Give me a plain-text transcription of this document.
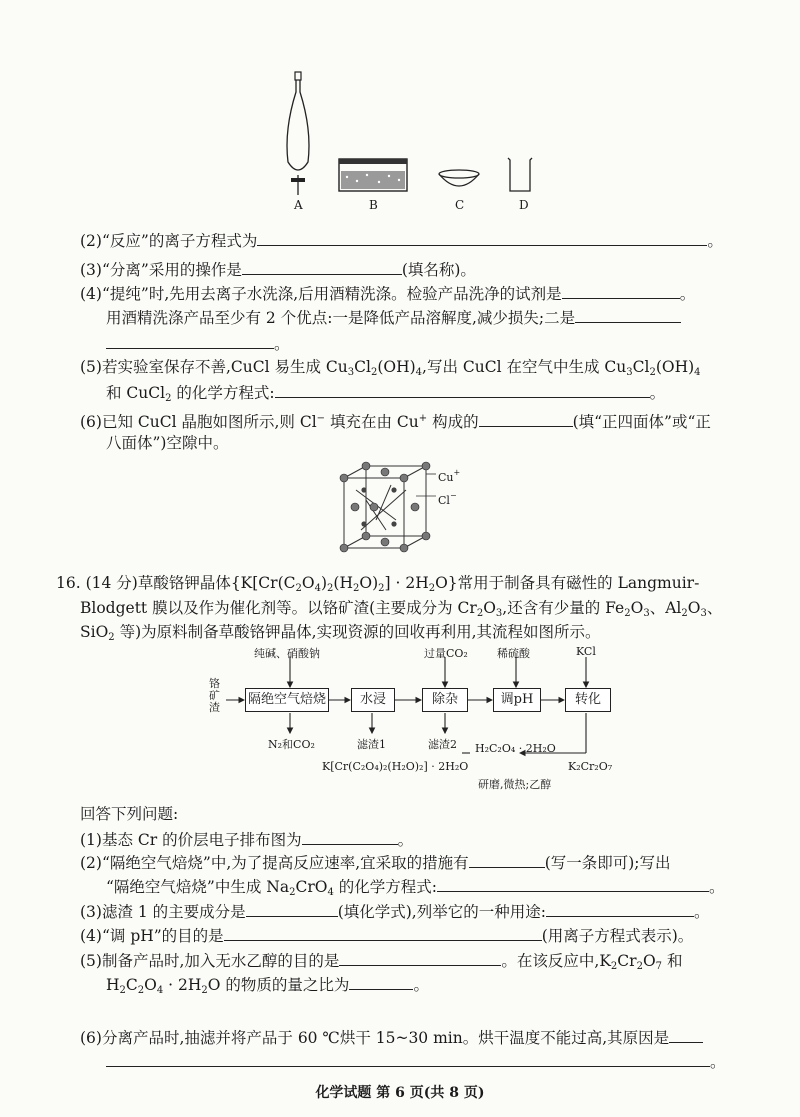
A	B	C	D
(2)“反应”的离子方程式为	。
(3)“分离”采用的操作是	(填名称)。
(4)“提纯”时,先用去离子水洗涤,后用酒精洗涤。检验产品洗净的试剂是	。
用酒精洗涤产品至少有 2 个优点:一是降低产品溶解度,减少损失;二是
。
(5)若实验室保存不善,CuCl 易生成 $Cu_3Cl_2(OH)_4$,写出 CuCl 在空气中生成 $Cu_3Cl_2(OH)_4$
和 CuCl$_2$ 的化学方程式:	。
(6)已知 CuCl 晶胞如图所示,则 Cl− 填充在由 Cu+ 构成的	(填“正四面体”或“正
八面体”)空隙中。
Cu+
Cl−
16. (14 分)草酸铬钾晶体$\{K[Cr(C_2O_4)_2(H_2O)_2] \cdot 2H_2O\}$常用于制备具有磁性的 Langmuir-
Blodgett 膜以及作为催化剂等。以铬矿渣(主要成分为 $Cr_2O_3$,还含有少量的 $Fe_2O_3$、$Al_2O_3$、
SiO$_2$ 等)为原料制备草酸铬钾晶体,实现资源的回收再利用,其流程如图所示。
铬矿渣
隔绝空气焙烧	水浸	除杂	调pH	转化
纯碱、硝酸钠	过量CO₂	稀硫酸	KCl
N₂和CO₂	滤渣1	滤渣2
K[Cr(C₂O₄)₂(H₂O)₂] · 2H₂O
H₂C₂O₄ · 2H₂O
研磨,微热;乙醇
K₂Cr₂O₇
回答下列问题:
(1)基态 Cr 的价层电子排布图为	。
(2)“隔绝空气焙烧”中,为了提高反应速率,宜采取的措施有	(写一条即可);写出
“隔绝空气焙烧”中生成 $Na_2CrO_4$ 的化学方程式:	。
(3)滤渣 1 的主要成分是	(填化学式),列举它的一种用途:	。
(4)“调 pH”的目的是	(用离子方程式表示)。
(5)制备产品时,加入无水乙醇的目的是	。在该反应中$,K_2Cr_2O_7$ 和
$H_2C_2O_4 \cdot 2H_2O$ 的物质的量之比为	。
(6)分离产品时,抽滤并将产品于 60 ℃烘干 15~30 min。烘干温度不能过高,其原因是
。
化学试题 第 6 页(共 8 页)
